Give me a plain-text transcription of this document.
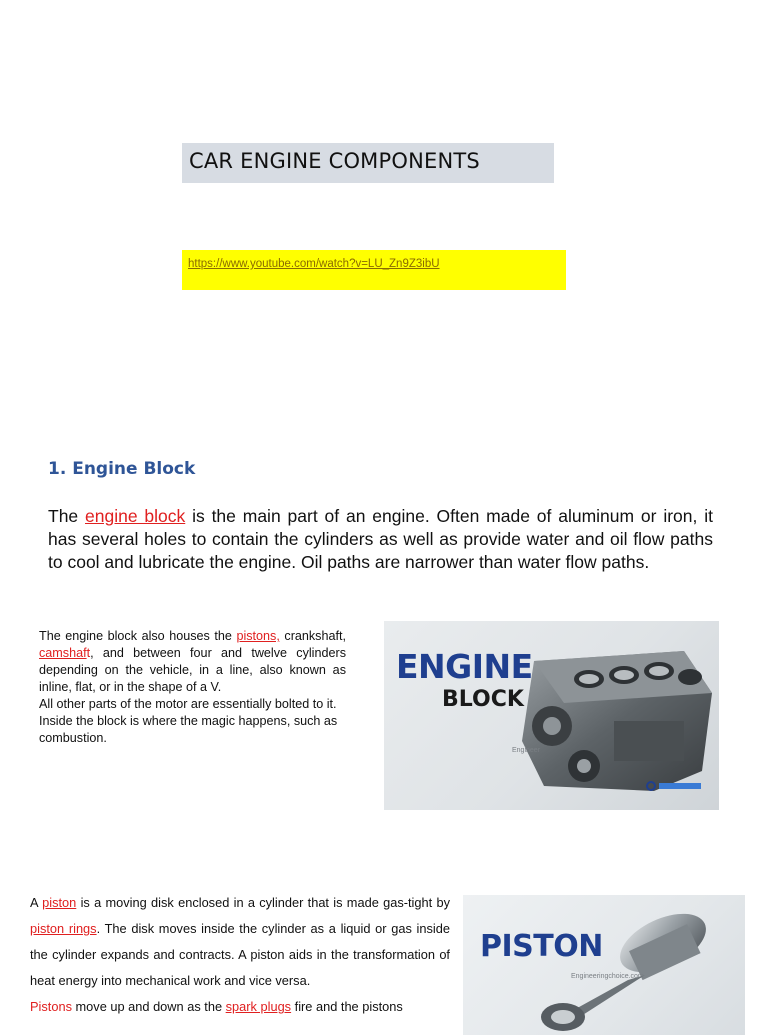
CAR ENGINE COMPONENTS
https://www.youtube.com/watch?v=LU_Zn9Z3ibU
1. Engine Block
The engine block is the main part of an engine. Often made of aluminum or iron, it has several holes to contain the cylinders as well as provide water and oil flow paths to cool and lubricate the engine. Oil paths are narrower than water flow paths.
The engine block also houses the pistons, crankshaft, camshaft, and between four and twelve cylinders depending on the vehicle, in a line, also known as inline, flat, or in the shape of a V.
All other parts of the motor are essentially bolted to it. Inside the block is where the magic happens, such as combustion.
ENGINE
BLOCK
Engineer
A piston is a moving disk enclosed in a cylinder that is made gas-tight by piston rings. The disk moves inside the cylinder as a liquid or gas inside the cylinder expands and contracts. A piston aids in the transformation of heat energy into mechanical work and vice versa.
Pistons move up and down as the spark plugs fire and the pistons
PISTON
Engineeringchoice.com
